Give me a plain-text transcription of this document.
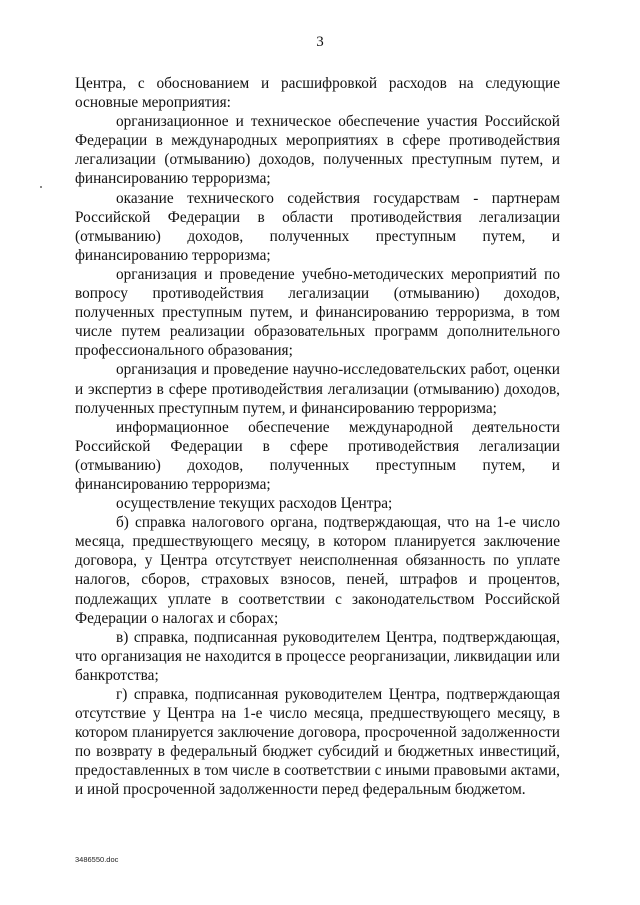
3

Центра, с обоснованием и расшифровкой расходов на следующие основные мероприятия:

организационное и техническое обеспечение участия Российской Федерации в международных мероприятиях в сфере противодействия легализации (отмыванию) доходов, полученных преступным путем, и финансированию терроризма;

оказание технического содействия государствам - партнерам Российской Федерации в области противодействия легализации (отмыванию) доходов, полученных преступным путем, и финансированию терроризма;

организация и проведение учебно-методических мероприятий по вопросу противодействия легализации (отмыванию) доходов, полученных преступным путем, и финансированию терроризма, в том числе путем реализации образовательных программ дополнительного профессионального образования;

организация и проведение научно-исследовательских работ, оценки и экспертиз в сфере противодействия легализации (отмыванию) доходов, полученных преступным путем, и финансированию терроризма;

информационное обеспечение международной деятельности Российской Федерации в сфере противодействия легализации (отмыванию) доходов, полученных преступным путем, и финансированию терроризма;

осуществление текущих расходов Центра;

б) справка налогового органа, подтверждающая, что на 1-е число месяца, предшествующего месяцу, в котором планируется заключение договора, у Центра отсутствует неисполненная обязанность по уплате налогов, сборов, страховых взносов, пеней, штрафов и процентов, подлежащих уплате в соответствии с законодательством Российской Федерации о налогах и сборах;

в) справка, подписанная руководителем Центра, подтверждающая, что организация не находится в процессе реорганизации, ликвидации или банкротства;

г) справка, подписанная руководителем Центра, подтверждающая отсутствие у Центра на 1-е число месяца, предшествующего месяцу, в котором планируется заключение договора, просроченной задолженности по возврату в федеральный бюджет субсидий и бюджетных инвестиций, предоставленных в том числе в соответствии с иными правовыми актами, и иной просроченной задолженности перед федеральным бюджетом.

3486550.doc
